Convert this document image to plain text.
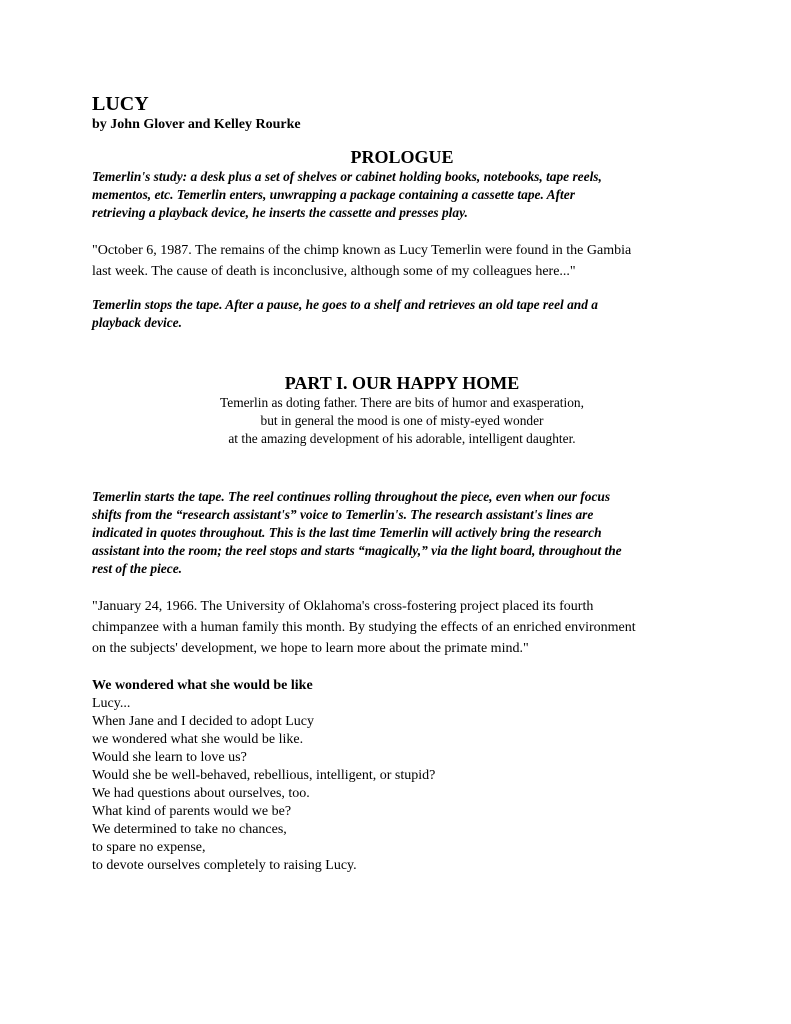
LUCY

by John Glover and Kelley Rourke

PROLOGUE

Temerlin's study: a desk plus a set of shelves or cabinet holding books, notebooks, tape reels,

mementos, etc. Temerlin enters, unwrapping a package containing a cassette tape. After

retrieving a playback device, he inserts the cassette and presses play.

"October 6, 1987. The remains of the chimp known as Lucy Temerlin were found in the Gambia

last week. The cause of death is inconclusive, although some of my colleagues here..."

Temerlin stops the tape. After a pause, he goes to a shelf and retrieves an old tape reel and a

playback device.

PART I. OUR HAPPY HOME

Temerlin as doting father. There are bits of humor and exasperation,

but in general the mood is one of misty-eyed wonder

at the amazing development of his adorable, intelligent daughter.

Temerlin starts the tape. The reel continues rolling throughout the piece, even when our focus

shifts from the “research assistant's” voice to Temerlin's. The research assistant's lines are

indicated in quotes throughout. This is the last time Temerlin will actively bring the research

assistant into the room; the reel stops and starts “magically,” via the light board, throughout the

rest of the piece.

"January 24, 1966. The University of Oklahoma's cross-fostering project placed its fourth

chimpanzee with a human family this month. By studying the effects of an enriched environment

on the subjects' development, we hope to learn more about the primate mind."

We wondered what she would be like

Lucy...

When Jane and I decided to adopt Lucy

we wondered what she would be like.

Would she learn to love us?

Would she be well-behaved, rebellious, intelligent, or stupid?

We had questions about ourselves, too.

What kind of parents would we be?

We determined to take no chances,

to spare no expense,

to devote ourselves completely to raising Lucy.
